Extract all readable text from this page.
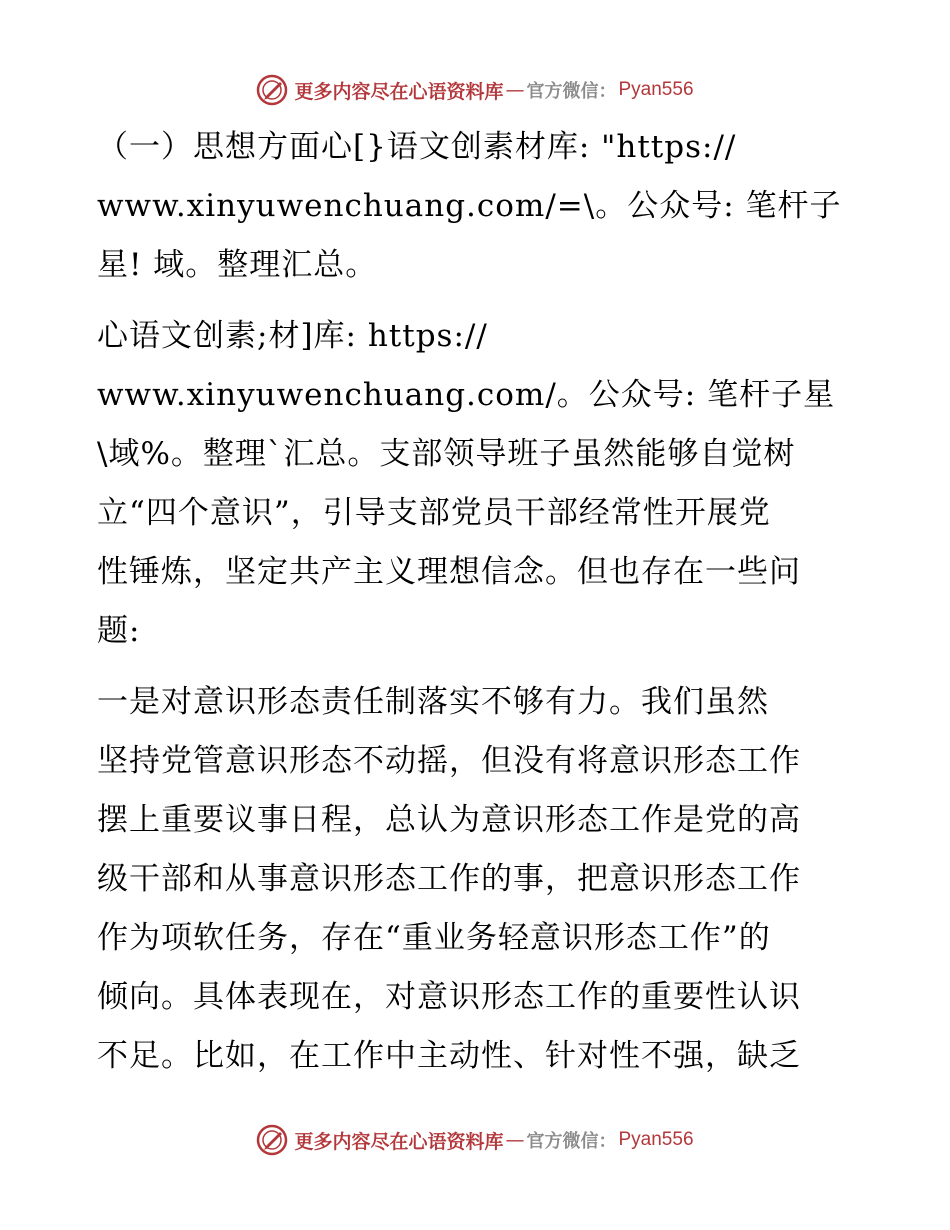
更多内容尽在心语资料库 — 官方微信： Pyan556

（一）思想方面心[}语文创素材库: "https://
www.xinyuwenchuang.com/=\。公众号: 笔杆子
星! 域。整理汇总。

心语文创素;材]库: https://
www.xinyuwenchuang.com/。公众号: 笔杆子星
\域%。整理`汇总。支部领导班子虽然能够自觉树
立“四个意识”，引导支部党员干部经常性开展党
性锤炼，坚定共产主义理想信念。但也存在一些问
题:

一是对意识形态责任制落实不够有力。我们虽然
坚持党管意识形态不动摇，但没有将意识形态工作
摆上重要议事日程，总认为意识形态工作是党的高
级干部和从事意识形态工作的事，把意识形态工作
作为项软任务，存在“重业务轻意识形态工作”的
倾向。具体表现在，对意识形态工作的重要性认识
不足。比如，在工作中主动性、针对性不强，缺乏

更多内容尽在心语资料库 — 官方微信： Pyan556
